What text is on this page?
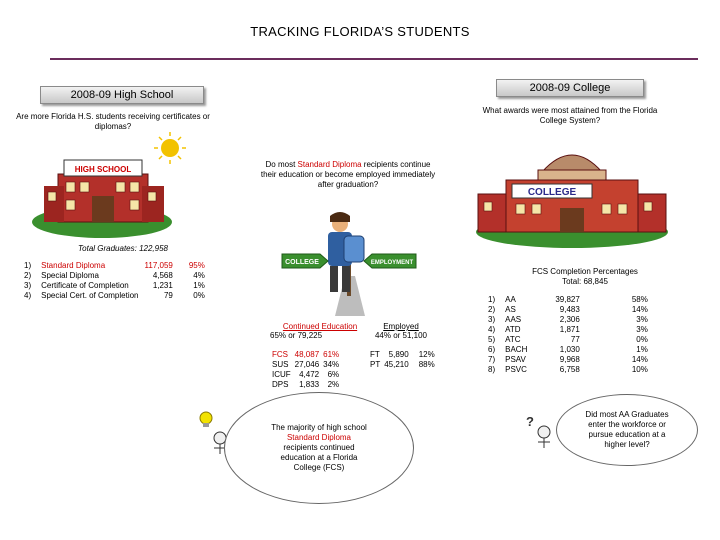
TRACKING FLORIDA’S STUDENTS
2008-09 High School
2008-09 College
Are more Florida H.S. students receiving certificates or diplomas?
What awards were most attained from the Florida College System?
HIGH SCHOOL
COLLEGE
Do most Standard Diploma recipients continue their education or become employed immediately after graduation?
COLLEGE	EMPLOYMENT
Total Graduates: 122,958
1)	Standard Diploma	117,059	95%
2)	Special Diploma	4,568	4%
3)	Certificate of Completion	1,231	1%
4)	Special Cert. of Completion	79	0%
Continued Education
65% or 79,225
Employed
44% or 51,100
FCS	48,087	61%
SUS	27,046	34%
ICUF	4,472	6%
DPS	1,833	2%
FT	5,890	12%
PT	45,210	88%
FCS Completion Percentages
Total: 68,845
1)	AA	39,827	58%
2)	AS	9,483	14%
3)	AAS	2,306	3%
4)	ATD	1,871	3%
5)	ATC	77	0%
6)	BACH	1,030	1%
7)	PSAV	9,968	14%
8)	PSVC	6,758	10%
?
The majority of high school Standard Diploma recipients continued education at a Florida College (FCS)
Did most AA Graduates enter the workforce or pursue education at a higher level?
